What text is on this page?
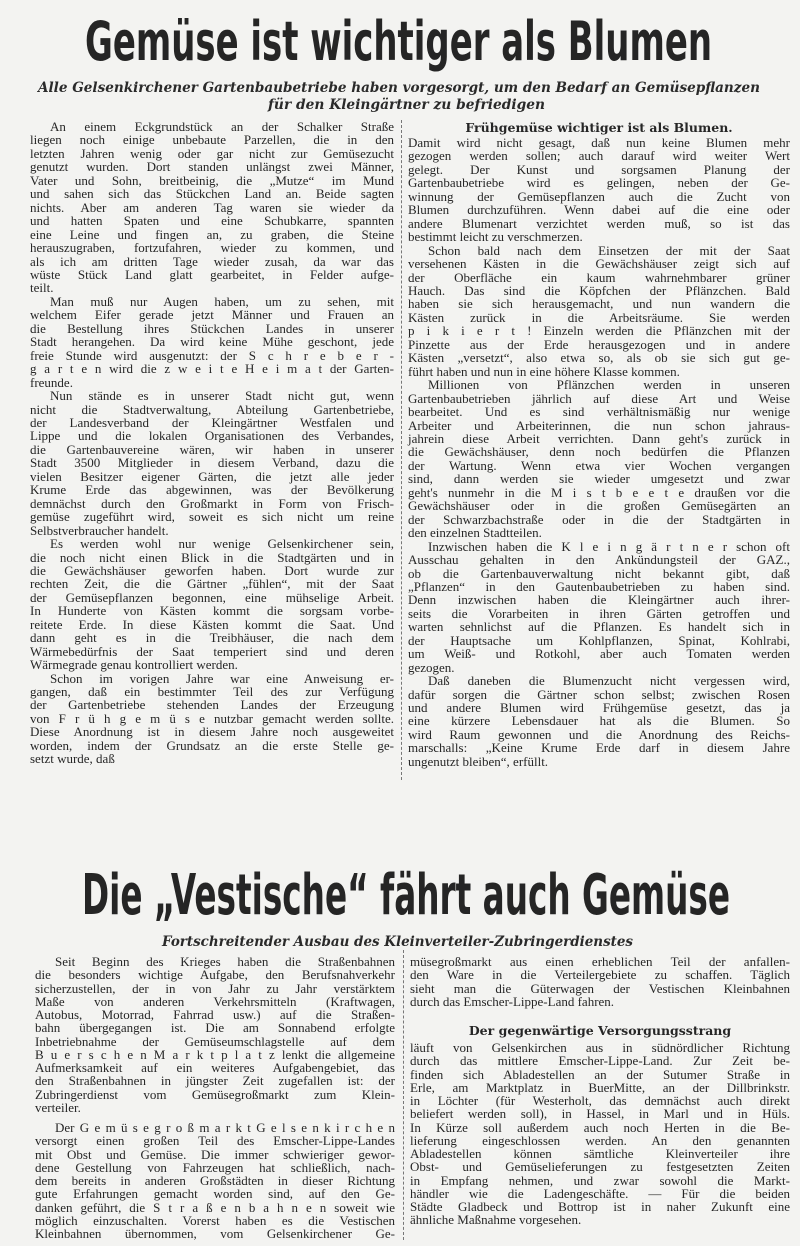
Gemüse ist wichtiger als Blumen
Alle Gelsenkirchener Gartenbaubetriebe haben vorgesorgt, um den Bedarf an Gemüsepflanzen
für den Kleingärtner zu befriedigen
An einem Eckgrundstück an der Schalker Straße
liegen noch einige unbebaute Parzellen, die in den
letzten Jahren wenig oder gar nicht zur Gemüsezucht
genutzt wurden. Dort standen unlängst zwei Männer,
Vater und Sohn, breitbeinig, die „Mutze“ im Mund
und sahen sich das Stückchen Land an. Beide sagten
nichts. Aber am anderen Tag waren sie wieder da
und hatten Spaten und eine Schubkarre, spannten
eine Leine und fingen an, zu graben, die Steine
herauszugraben, fortzufahren, wieder zu kommen, und
als ich am dritten Tage wieder zusah, da war das
wüste Stück Land glatt gearbeitet, in Felder aufge-
teilt.
Man muß nur Augen haben, um zu sehen, mit
welchem Eifer gerade jetzt Männer und Frauen an
die Bestellung ihres Stückchen Landes in unserer
Stadt herangehen. Da wird keine Mühe geschont, jede
freie Stunde wird ausgenutzt: der S c h r e b e r -
g a r t e n wird die z w e i t e H e i m a t der Garten-
freunde.
Nun stände es in unserer Stadt nicht gut, wenn
nicht die Stadtverwaltung, Abteilung Gartenbetriebe,
der Landesverband der Kleingärtner Westfalen und
Lippe und die lokalen Organisationen des Verbandes,
die Gartenbauvereine wären, wir haben in unserer
Stadt 3500 Mitglieder in diesem Verband, dazu die
vielen Besitzer eigener Gärten, die jetzt alle jeder
Krume Erde das abgewinnen, was der Bevölkerung
demnächst durch den Großmarkt in Form von Frisch-
gemüse zugeführt wird, soweit es sich nicht um reine
Selbstverbraucher handelt.
Es werden wohl nur wenige Gelsenkirchener sein,
die noch nicht einen Blick in die Stadtgärten und in
die Gewächshäuser geworfen haben. Dort wurde zur
rechten Zeit, die die Gärtner „fühlen“, mit der Saat
der Gemüsepflanzen begonnen, eine mühselige Arbeit.
In Hunderte von Kästen kommt die sorgsam vorbe-
reitete Erde. In diese Kästen kommt die Saat. Und
dann geht es in die Treibhäuser, die nach dem
Wärmebedürfnis der Saat temperiert sind und deren
Wärmegrade genau kontrolliert werden.
Schon im vorigen Jahre war eine Anweisung er-
gangen, daß ein bestimmter Teil des zur Verfügung
der Gartenbetriebe stehenden Landes der Erzeugung
von F r ü h g e m ü s e nutzbar gemacht werden sollte.
Diese Anordnung ist in diesem Jahre noch ausgeweitet
worden, indem der Grundsatz an die erste Stelle ge-
setzt wurde, daß
Frühgemüse wichtiger ist als Blumen.
Damit wird nicht gesagt, daß nun keine Blumen mehr
gezogen werden sollen; auch darauf wird weiter Wert
gelegt. Der Kunst und sorgsamen Planung der
Gartenbaubetriebe wird es gelingen, neben der Ge-
winnung der Gemüsepflanzen auch die Zucht von
Blumen durchzuführen. Wenn dabei auf die eine oder
andere Blumenart verzichtet werden muß, so ist das
bestimmt leicht zu verschmerzen.
Schon bald nach dem Einsetzen der mit der Saat
versehenen Kästen in die Gewächshäuser zeigt sich auf
der Oberfläche ein kaum wahrnehmbarer grüner
Hauch. Das sind die Köpfchen der Pflänzchen. Bald
haben sie sich herausgemacht, und nun wandern die
Kästen zurück in die Arbeitsräume. Sie werden
p i k i e r t ! Einzeln werden die Pflänzchen mit der
Pinzette aus der Erde herausgezogen und in andere
Kästen „versetzt“, also etwa so, als ob sie sich gut ge-
führt haben und nun in eine höhere Klasse kommen.
Millionen von Pflänzchen werden in unseren
Gartenbaubetrieben jährlich auf diese Art und Weise
bearbeitet. Und es sind verhältnismäßig nur wenige
Arbeiter und Arbeiterinnen, die nun schon jahraus-
jahrein diese Arbeit verrichten. Dann geht's zurück in
die Gewächshäuser, denn noch bedürfen die Pflanzen
der Wartung. Wenn etwa vier Wochen vergangen
sind, dann werden sie wieder umgesetzt und zwar
geht's nunmehr in die M i s t b e e t e draußen vor die
Gewächshäuser oder in die großen Gemüsegärten an
der Schwarzbachstraße oder in die der Stadtgärten in
den einzelnen Stadtteilen.
Inzwischen haben die K l e i n g ä r t n e r schon oft
Ausschau gehalten in den Ankündungsteil der GAZ.,
ob die Gartenbauverwaltung nicht bekannt gibt, daß
„Pflanzen“ in den Gautenbaubetrieben zu haben sind.
Denn inzwischen haben die Kleingärtner auch ihrer-
seits die Vorarbeiten in ihren Gärten getroffen und
warten sehnlichst auf die Pflanzen. Es handelt sich in
der Hauptsache um Kohlpflanzen, Spinat, Kohlrabi,
um Weiß- und Rotkohl, aber auch Tomaten werden
gezogen.
Daß daneben die Blumenzucht nicht vergessen wird,
dafür sorgen die Gärtner schon selbst; zwischen Rosen
und andere Blumen wird Frühgemüse gesetzt, das ja
eine kürzere Lebensdauer hat als die Blumen. So
wird Raum gewonnen und die Anordnung des Reichs-
marschalls: „Keine Krume Erde darf in diesem Jahre
ungenutzt bleiben“, erfüllt.
Die „Vestische“ fährt auch Gemüse
Fortschreitender Ausbau des Kleinverteiler-Zubringerdienstes
Seit Beginn des Krieges haben die Straßenbahnen
die besonders wichtige Aufgabe, den Berufsnahverkehr
sicherzustellen, der in von Jahr zu Jahr verstärktem
Maße von anderen Verkehrsmitteln (Kraftwagen,
Autobus, Motorrad, Fahrrad usw.) auf die Straßen-
bahn übergegangen ist. Die am Sonnabend erfolgte
Inbetriebnahme der Gemüseumschlagstelle auf dem
B u e r s c h e n M a r k t p l a t z lenkt die allgemeine
Aufmerksamkeit auf ein weiteres Aufgabengebiet, das
den Straßenbahnen in jüngster Zeit zugefallen ist: der
Zubringerdienst vom Gemüsegroßmarkt zum Klein-
verteiler.
Der G e m ü s e g r o ß m a r k t G e l s e n k i r c h e n
versorgt einen großen Teil des Emscher-Lippe-Landes
mit Obst und Gemüse. Die immer schwieriger gewor-
dene Gestellung von Fahrzeugen hat schließlich, nach-
dem bereits in anderen Großstädten in dieser Richtung
gute Erfahrungen gemacht worden sind, auf den Ge-
danken geführt, die S t r a ß e n b a h n e n soweit wie
möglich einzuschalten. Vorerst haben es die Vestischen
Kleinbahnen übernommen, vom Gelsenkirchener Ge-
müsegroßmarkt aus einen erheblichen Teil der anfallen-
den Ware in die Verteilergebiete zu schaffen. Täglich
sieht man die Güterwagen der Vestischen Kleinbahnen
durch das Emscher-Lippe-Land fahren.
Der gegenwärtige Versorgungsstrang
läuft von Gelsenkirchen aus in südnördlicher Richtung
durch das mittlere Emscher-Lippe-Land. Zur Zeit be-
finden sich Abladestellen an der Sutumer Straße in
Erle, am Marktplatz in BuerMitte, an der Dillbrinkstr.
in Löchter (für Westerholt, das demnächst auch direkt
beliefert werden soll), in Hassel, in Marl und in Hüls.
In Kürze soll außerdem auch noch Herten in die Be-
lieferung eingeschlossen werden. An den genannten
Abladestellen können sämtliche Kleinverteiler ihre
Obst- und Gemüselieferungen zu festgesetzten Zeiten
in Empfang nehmen, und zwar sowohl die Markt-
händler wie die Ladengeschäfte. — Für die beiden
Städte Gladbeck und Bottrop ist in naher Zukunft eine
ähnliche Maßnahme vorgesehen.
